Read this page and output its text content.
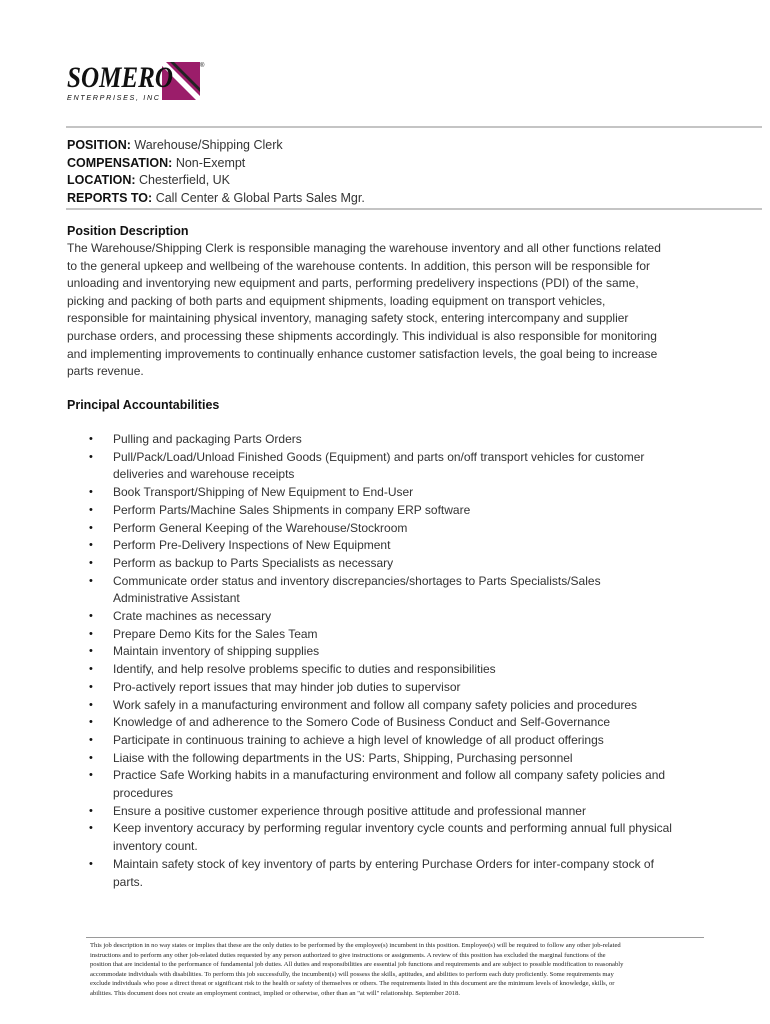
SOMERO	®
ENTERPRISES, INC
POSITION: Warehouse/Shipping Clerk
COMPENSATION: Non-Exempt
LOCATION: Chesterfield, UK
REPORTS TO: Call Center & Global Parts Sales Mgr.
Position Description
The Warehouse/Shipping Clerk is responsible managing the warehouse inventory and all other functions related
to the general upkeep and wellbeing of the warehouse contents. In addition, this person will be responsible for
unloading and inventorying new equipment and parts, performing predelivery inspections (PDI) of the same,
picking and packing of both parts and equipment shipments, loading equipment on transport vehicles,
responsible for maintaining physical inventory, managing safety stock, entering intercompany and supplier
purchase orders, and processing these shipments accordingly. This individual is also responsible for monitoring
and implementing improvements to continually enhance customer satisfaction levels, the goal being to increase
parts revenue.
Principal Accountabilities
• Pulling and packaging Parts Orders
• Pull/Pack/Load/Unload Finished Goods (Equipment) and parts on/off transport vehicles for customer
deliveries and warehouse receipts
• Book Transport/Shipping of New Equipment to End-User
• Perform Parts/Machine Sales Shipments in company ERP software
• Perform General Keeping of the Warehouse/Stockroom
• Perform Pre-Delivery Inspections of New Equipment
• Perform as backup to Parts Specialists as necessary
• Communicate order status and inventory discrepancies/shortages to Parts Specialists/Sales
Administrative Assistant
• Crate machines as necessary
• Prepare Demo Kits for the Sales Team
• Maintain inventory of shipping supplies
• Identify, and help resolve problems specific to duties and responsibilities
• Pro-actively report issues that may hinder job duties to supervisor
• Work safely in a manufacturing environment and follow all company safety policies and procedures
• Knowledge of and adherence to the Somero Code of Business Conduct and Self-Governance
• Participate in continuous training to achieve a high level of knowledge of all product offerings
• Liaise with the following departments in the US: Parts, Shipping, Purchasing personnel
• Practice Safe Working habits in a manufacturing environment and follow all company safety policies and
procedures
• Ensure a positive customer experience through positive attitude and professional manner
• Keep inventory accuracy by performing regular inventory cycle counts and performing annual full physical
inventory count.
• Maintain safety stock of key inventory of parts by entering Purchase Orders for inter-company stock of
parts.
This job description in no way states or implies that these are the only duties to be performed by the employee(s) incumbent in this position. Employee(s) will be required to follow any other job-related
instructions and to perform any other job-related duties requested by any person authorized to give instructions or assignments. A review of this position has excluded the marginal functions of the
position that are incidental to the performance of fundamental job duties. All duties and responsibilities are essential job functions and requirements and are subject to possible modification to reasonably
accommodate individuals with disabilities. To perform this job successfully, the incumbent(s) will possess the skills, aptitudes, and abilities to perform each duty proficiently. Some requirements may
exclude individuals who pose a direct threat or significant risk to the health or safety of themselves or others. The requirements listed in this document are the minimum levels of knowledge, skills, or
abilities. This document does not create an employment contract, implied or otherwise, other than an "at will" relationship. September 2018.
